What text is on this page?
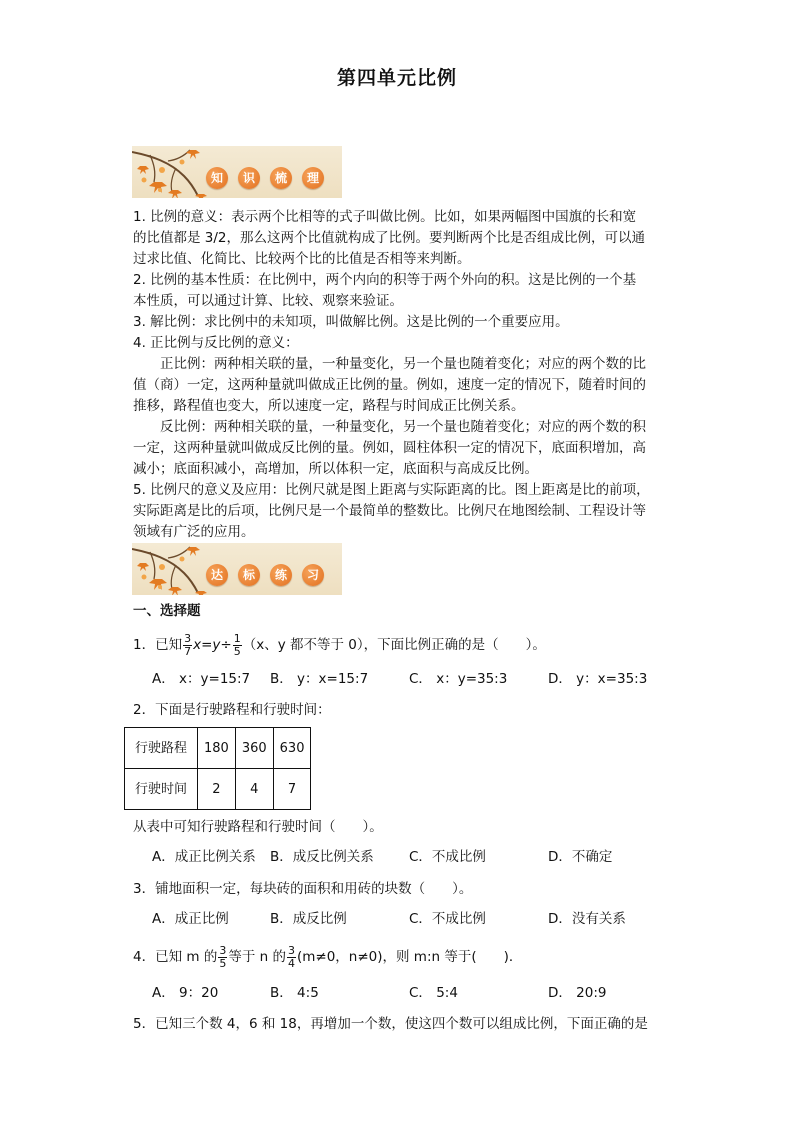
第四单元比例
知	识	梳	理

1. 比例的意义：表示两个比相等的式子叫做比例。比如，如果两幅图中国旗的长和宽

的比值都是 3/2，那么这两个比值就构成了比例。要判断两个比是否组成比例，可以通

过求比值、化简比、比较两个比的比值是否相等来判断。

2. 比例的基本性质：在比例中，两个内向的积等于两个外向的积。这是比例的一个基

本性质，可以通过计算、比较、观察来验证。

3. 解比例：求比例中的未知项，叫做解比例。这是比例的一个重要应用。

4. 正比例与反比例的意义：

正比例：两种相关联的量，一种量变化，另一个量也随着变化；对应的两个数的比

值（商）一定，这两种量就叫做成正比例的量。例如，速度一定的情况下，随着时间的

推移，路程值也变大，所以速度一定，路程与时间成正比例关系。

反比例：两种相关联的量，一种量变化，另一个量也随着变化；对应的两个数的积

一定，这两种量就叫做成反比例的量。例如，圆柱体积一定的情况下，底面积增加，高

减小；底面积减小，高增加，所以体积一定，底面积与高成反比例。

5. 比例尺的意义及应用：比例尺就是图上距离与实际距离的比。图上距离是比的前项，

实际距离是比的后项，比例尺是一个最简单的整数比。比例尺在地图绘制、工程设计等

领域有广泛的应用。

达	标	练	习
一、选择题
1．已知 $\frac{3}{7} x=y\div \frac{1}{5} (x$、y 都不等于 0），下面比例正确的是（　　）。
A． x：y=15:7 B． y：x=15:7	C． x：y=35:3	D． y：x=35:3
2．下面是行驶路程和行驶时间：
行驶路程	180	360	630
行驶时间	2	4	7
从表中可知行驶路程和行驶时间（　　）。
A．成正比例关系 B．成反比例关系	C．不成比例	D．不确定
3．铺地面积一定，每块砖的面积和用砖的块数（　　）。
A．成正比例	B．成反比例	C．不成比例	D．没有关系
4．已知 m 的 $\frac{3}{5}$ 等于 n 的 $\frac{3}{4} (m\ne 0$，n≠0)，则 m:n 等于(　　)．
A． 9：20	B． 4:5	C． 5:4	D． 20:9
5．已知三个数 4，6 和 18，再增加一个数，使这四个数可以组成比例，下面正确的是
